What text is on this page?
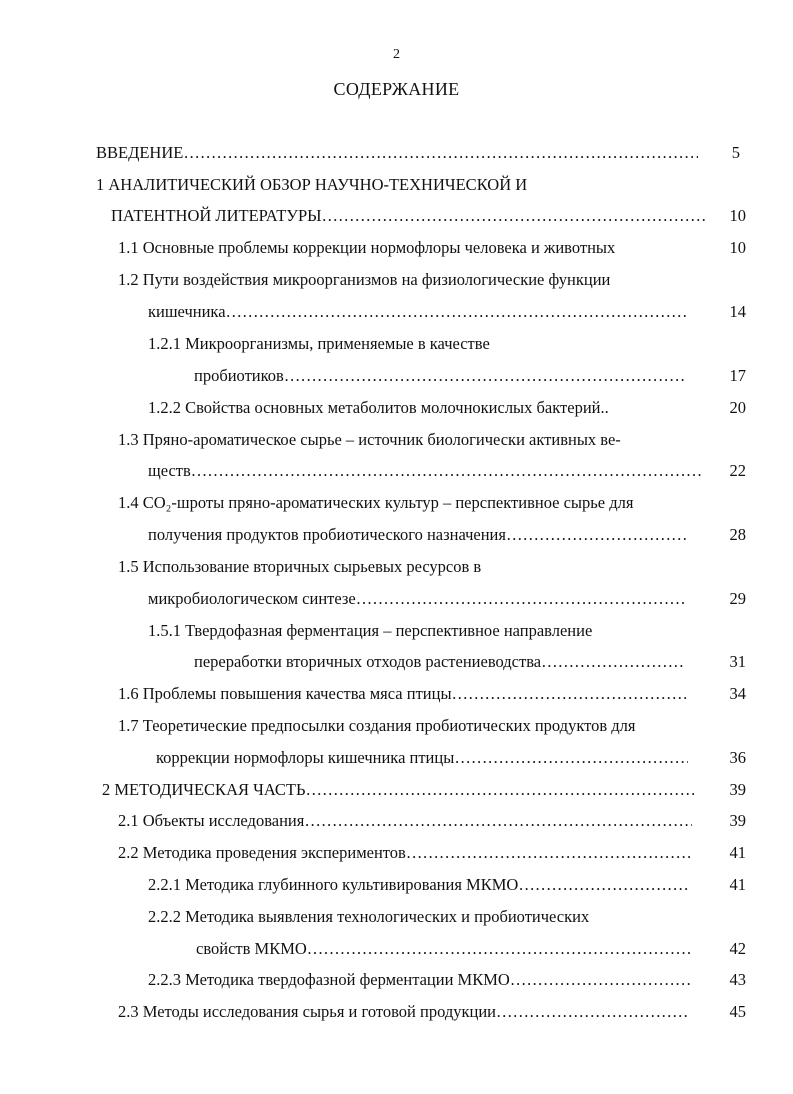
2
СОДЕРЖАНИЕ
ВВЕДЕНИЕ …………………………………………………………………………………………………………………………………………………………………………………………	5
1 АНАЛИТИЧЕСКИЙ ОБЗОР НАУЧНО-ТЕХНИЧЕСКОЙ И
ПАТЕНТНОЙ ЛИТЕРАТУРЫ …………………………………………………………………………………………………………………………………………………………………………………………	10
1.1 Основные проблемы коррекции нормофлоры человека и животных	10
1.2 Пути воздействия микроорганизмов на физиологические функции
кишечника …………………………………………………………………………………………………………………………………………………………………………………………	14
1.2.1 Микроорганизмы, применяемые в качестве
пробиотиков …………………………………………………………………………………………………………………………………………………………………………………………	17
1.2.2 Свойства основных метаболитов молочнокислых бактерий..	20
1.3 Пряно-ароматическое сырье – источник биологически активных ве-
ществ …………………………………………………………………………………………………………………………………………………………………………………………	22
1.4 CO₂-шроты пряно-ароматических культур – перспективное сырье для
получения продуктов пробиотического назначения …………………………………………………………………………………………………………………………………………………………………………………………	28
1.5 Использование вторичных сырьевых ресурсов в
микробиологическом синтезе …………………………………………………………………………………………………………………………………………………………………………………………	29
1.5.1 Твердофазная ферментация – перспективное направление
переработки вторичных отходов растениеводства …………………………………………………………………………………………………………………………………………………………………………………………	31
1.6 Проблемы повышения качества мяса птицы …………………………………………………………………………………………………………………………………………………………………………………………	34
1.7 Теоретические предпосылки создания пробиотических продуктов для
коррекции нормофлоры кишечника птицы …………………………………………………………………………………………………………………………………………………………………………………………	36
2 МЕТОДИЧЕСКАЯ ЧАСТЬ …………………………………………………………………………………………………………………………………………………………………………………………	39
2.1 Объекты исследования …………………………………………………………………………………………………………………………………………………………………………………………	39
2.2 Методика проведения экспериментов …………………………………………………………………………………………………………………………………………………………………………………………	41
2.2.1 Методика глубинного культивирования МКМО …………………………………………………………………………………………………………………………………………………………………………………………	41
2.2.2 Методика выявления технологических и пробиотических
свойств МКМО …………………………………………………………………………………………………………………………………………………………………………………………	42
2.2.3 Методика твердофазной ферментации МКМО …………………………………………………………………………………………………………………………………………………………………………………………	43
2.3 Методы исследования сырья и готовой продукции …………………………………………………………………………………………………………………………………………………………………………………………	45
